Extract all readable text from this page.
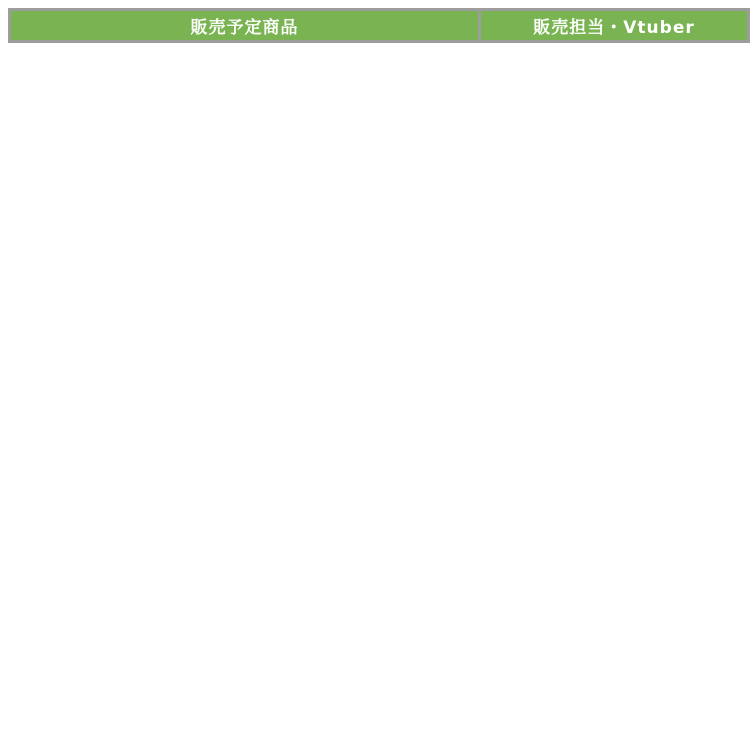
販売予定商品	販売担当・Vtuber
